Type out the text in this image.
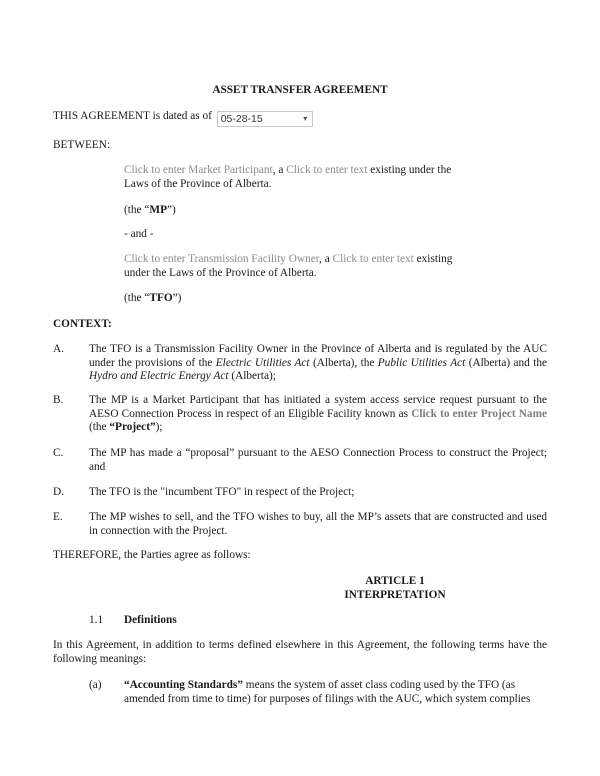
ASSET TRANSFER AGREEMENT
THIS AGREEMENT is dated as of 05-28-15	▾
BETWEEN:
Click to enter Market Participant, a Click to enter text existing under the
Laws of the Province of Alberta.
(the “MP”)
- and -
Click to enter Transmission Facility Owner, a Click to enter text existing
under the Laws of the Province of Alberta.
(the “TFO”)
CONTEXT:
A.	The TFO is a Transmission Facility Owner in the Province of Alberta and is regulated by the AUC under the provisions of the Electric Utilities Act (Alberta), the Public Utilities Act (Alberta) and the Hydro and Electric Energy Act (Alberta);
B.	The MP is a Market Participant that has initiated a system access service request pursuant to the AESO Connection Process in respect of an Eligible Facility known as Click to enter Project Name (the “Project”);
C.	The MP has made a “proposal” pursuant to the AESO Connection Process to construct the Project; and
D.	The TFO is the "incumbent TFO" in respect of the Project;
E.	The MP wishes to sell, and the TFO wishes to buy, all the MP’s assets that are constructed and used in connection with the Project.
THEREFORE, the Parties agree as follows:
ARTICLE 1
INTERPRETATION
1.1 Definitions
In this Agreement, in addition to terms defined elsewhere in this Agreement, the following terms have the following meanings:
(a) “Accounting Standards” means the system of asset class coding used by the TFO (as
amended from time to time) for purposes of filings with the AUC, which system complies
